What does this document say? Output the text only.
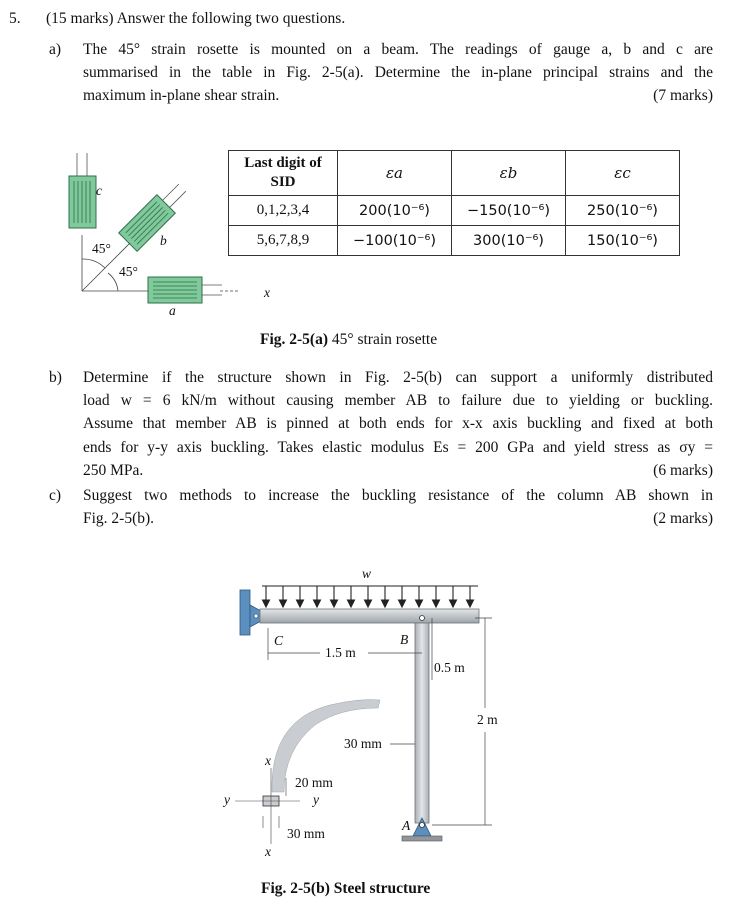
5. (15 marks) Answer the following two questions.
a) The 45° strain rosette is mounted on a beam. The readings of gauge a, b and c are
summarised in the table in Fig. 2-5(a). Determine the in-plane principal strains and the
maximum in-plane shear strain.	(7 marks)
c
b
a
45°
45°
x
Last digit of
SID	εa	εb	εc
0,1,2,3,4	200(10⁻⁶)	−150(10⁻⁶)	250(10⁻⁶)
5,6,7,8,9	−100(10⁻⁶)	300(10⁻⁶)	150(10⁻⁶)
Fig. 2-5(a) 45° strain rosette
b) Determine if the structure shown in Fig. 2-5(b) can support a uniformly distributed
load w = 6 kN/m without causing member AB to failure due to yielding or buckling.
Assume that member AB is pinned at both ends for x-x axis buckling and fixed at both
ends for y-y axis buckling. Takes elastic modulus Es = 200 GPa and yield stress as σy =
250 MPa.	(6 marks)
c) Suggest two methods to increase the buckling resistance of the column AB shown in
Fig. 2-5(b).	(2 marks)
w
C	B
A
1.5 m
0.5 m
2 m
30 mm
20 mm
30 mm
x
x
y	y
Fig. 2-5(b) Steel structure
